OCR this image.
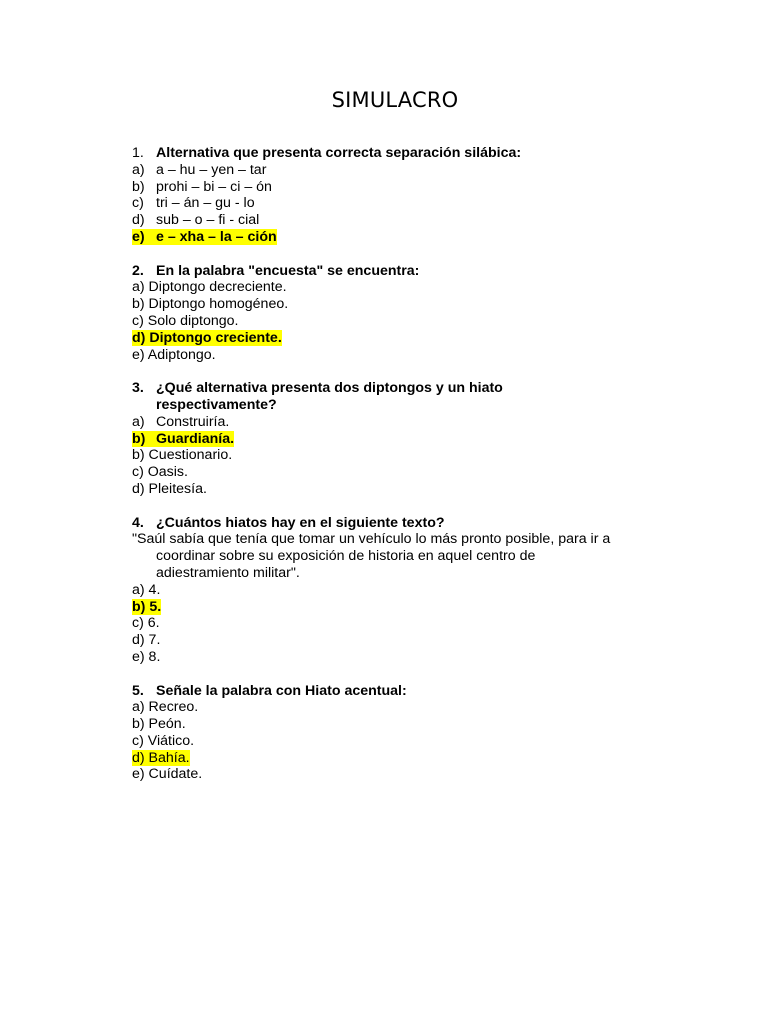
SIMULACRO
1. Alternativa que presenta correcta separación silábica:
a) a – hu – yen – tar
b) prohi – bi – ci – ón
c) tri – án – gu - lo
d) sub – o – fi - cial
e) e – xha – la – ción
2. En la palabra "encuesta" se encuentra:
a) Diptongo decreciente.
b) Diptongo homogéneo.
c) Solo diptongo.
d) Diptongo creciente.
e) Adiptongo.
3. ¿Qué alternativa presenta dos diptongos y un hiato
respectivamente?
a) Construiría.
b) Guardianía.
b) Cuestionario.
c) Oasis.
d) Pleitesía.
4. ¿Cuántos hiatos hay en el siguiente texto?
"Saúl sabía que tenía que tomar un vehículo lo más pronto posible, para ir a
coordinar sobre su exposición de historia en aquel centro de
adiestramiento militar".
a) 4.
b) 5.
c) 6.
d) 7.
e) 8.
5. Señale la palabra con Hiato acentual:
a) Recreo.
b) Peón.
c) Viático.
d) Bahía.
e) Cuídate.
